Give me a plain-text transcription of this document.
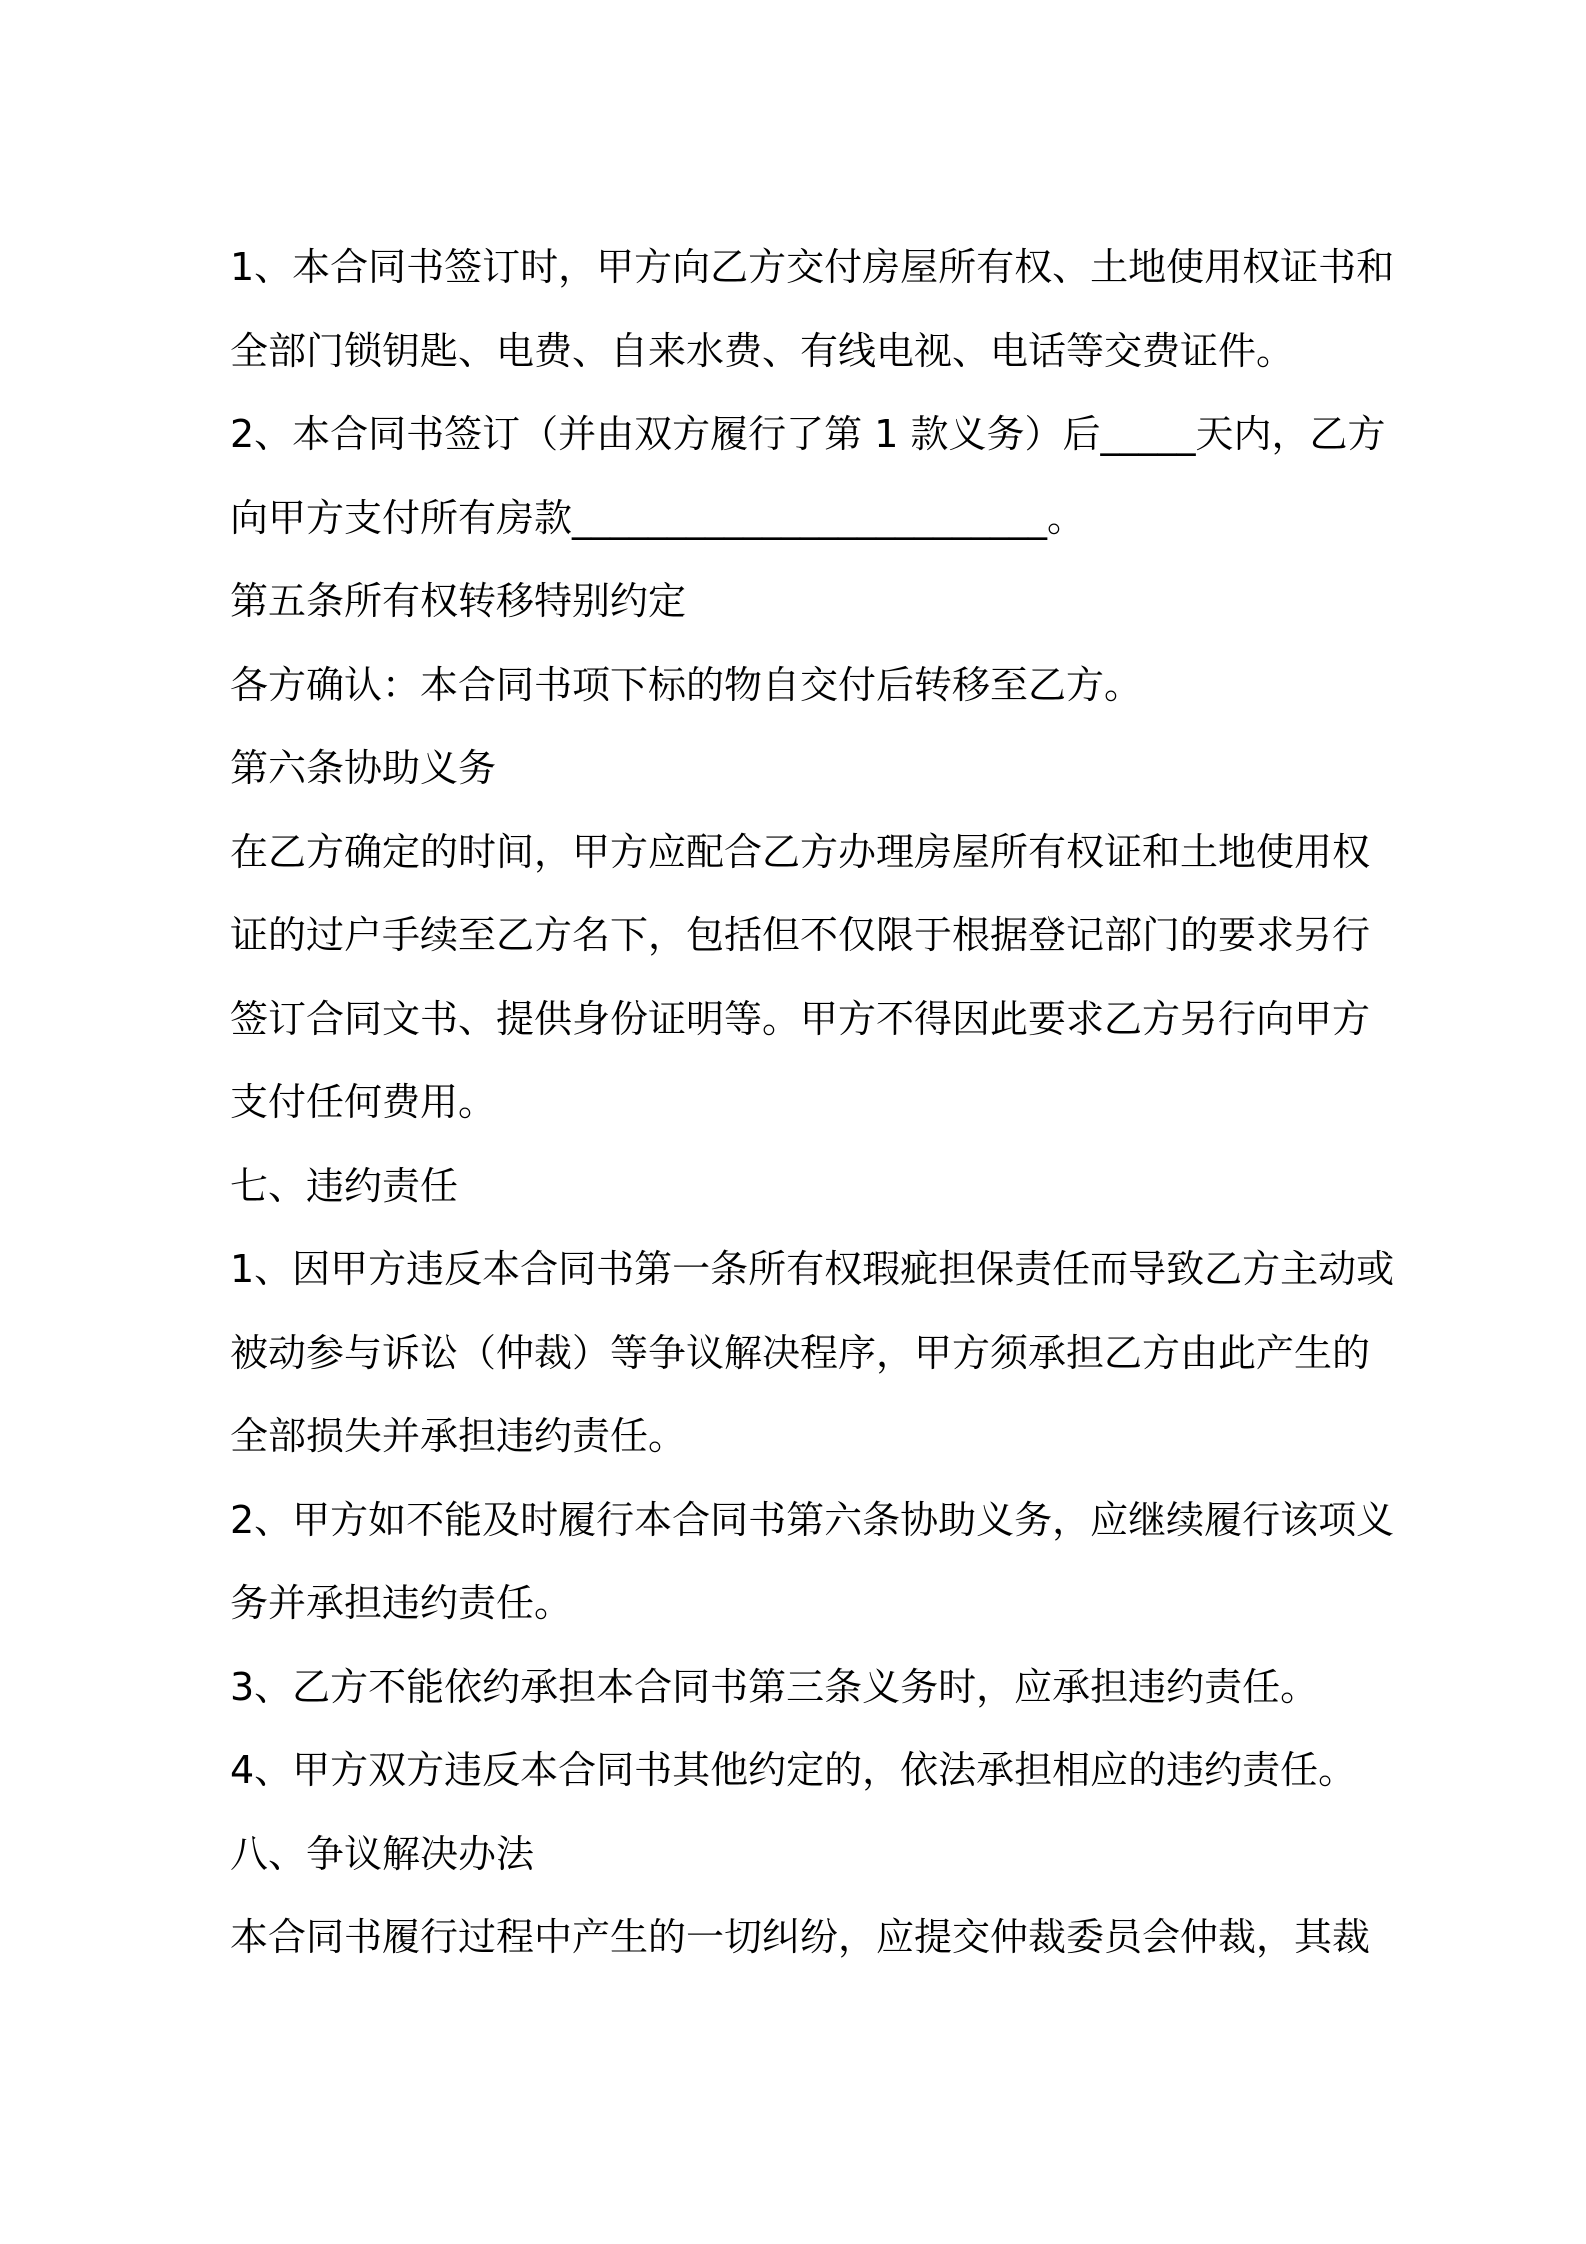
1、本合同书签订时，甲方向乙方交付房屋所有权、土地使用权证书和
全部门锁钥匙、电费、自来水费、有线电视、电话等交费证件。
2、本合同书签订（并由双方履行了第 1 款义务）后_____天内，乙方
向甲方支付所有房款_________________________。
第五条所有权转移特别约定
各方确认：本合同书项下标的物自交付后转移至乙方。
第六条协助义务
在乙方确定的时间，甲方应配合乙方办理房屋所有权证和土地使用权
证的过户手续至乙方名下，包括但不仅限于根据登记部门的要求另行
签订合同文书、提供身份证明等。甲方不得因此要求乙方另行向甲方
支付任何费用。
七、违约责任
1、因甲方违反本合同书第一条所有权瑕疵担保责任而导致乙方主动或
被动参与诉讼（仲裁）等争议解决程序，甲方须承担乙方由此产生的
全部损失并承担违约责任。
2、甲方如不能及时履行本合同书第六条协助义务，应继续履行该项义
务并承担违约责任。
3、乙方不能依约承担本合同书第三条义务时，应承担违约责任。
4、甲方双方违反本合同书其他约定的，依法承担相应的违约责任。
八、争议解决办法
本合同书履行过程中产生的一切纠纷，应提交仲裁委员会仲裁，其裁
